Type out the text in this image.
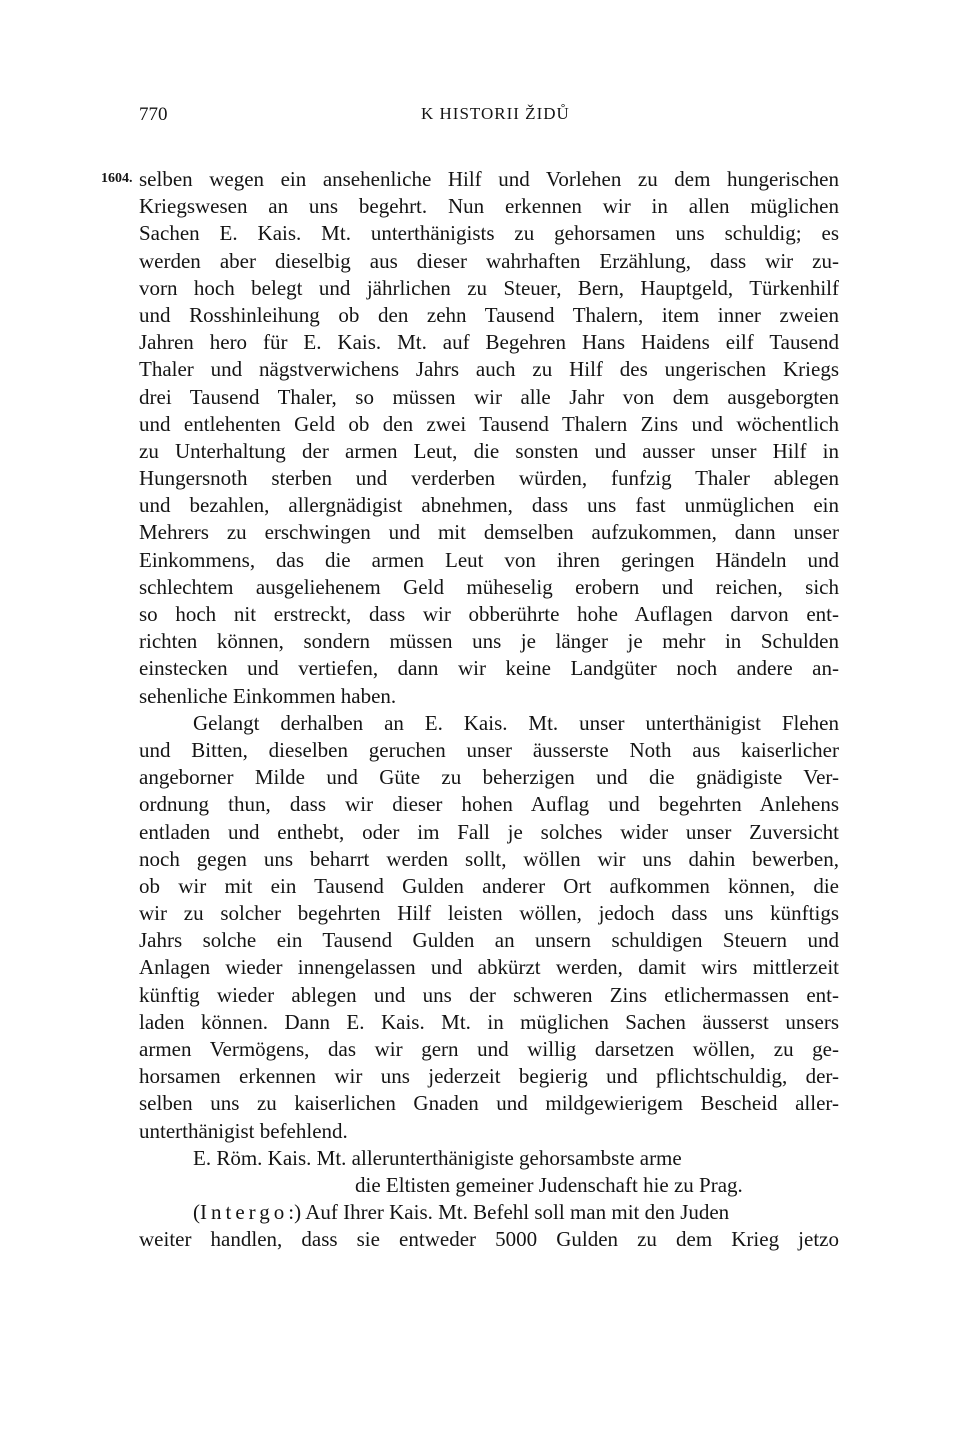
770	K HISTORII ŽIDŮ
1604. selben wegen ein ansehenliche Hilf und Vorlehen zu dem hungerischen
Kriegswesen an uns begehrt. Nun erkennen wir in allen müglichen
Sachen E. Kais. Mt. unterthänigists zu gehorsamen uns schuldig; es
werden aber dieselbig aus dieser wahrhaften Erzählung, dass wir zu-
vorn hoch belegt und jährlichen zu Steuer, Bern, Hauptgeld, Türkenhilf
und Rosshinleihung ob den zehn Tausend Thalern, item inner zweien
Jahren hero für E. Kais. Mt. auf Begehren Hans Haidens eilf Tausend
Thaler und nägstverwichens Jahrs auch zu Hilf des ungerischen Kriegs
drei Tausend Thaler, so müssen wir alle Jahr von dem ausgeborgten
und entlehenten Geld ob den zwei Tausend Thalern Zins und wöchentlich
zu Unterhaltung der armen Leut, die sonsten und ausser unser Hilf in
Hungersnoth sterben und verderben würden, funfzig Thaler ablegen
und bezahlen, allergnädigist abnehmen, dass uns fast unmüglichen ein
Mehrers zu erschwingen und mit demselben aufzukommen, dann unser
Einkommens, das die armen Leut von ihren geringen Händeln und
schlechtem ausgeliehenem Geld müheselig erobern und reichen, sich
so hoch nit erstreckt, dass wir obberührte hohe Auflagen darvon ent-
richten können, sondern müssen uns je länger je mehr in Schulden
einstecken und vertiefen, dann wir keine Landgüter noch andere an-
sehenliche Einkommen haben.
Gelangt derhalben an E. Kais. Mt. unser unterthänigist Flehen
und Bitten, dieselben geruchen unser äusserste Noth aus kaiserlicher
angeborner Milde und Güte zu beherzigen und die gnädigiste Ver-
ordnung thun, dass wir dieser hohen Auflag und begehrten Anlehens
entladen und enthebt, oder im Fall je solches wider unser Zuversicht
noch gegen uns beharrt werden sollt, wöllen wir uns dahin bewerben,
ob wir mit ein Tausend Gulden anderer Ort aufkommen können, die
wir zu solcher begehrten Hilf leisten wöllen, jedoch dass uns künftigs
Jahrs solche ein Tausend Gulden an unsern schuldigen Steuern und
Anlagen wieder innengelassen und abkürzt werden, damit wirs mittlerzeit
künftig wieder ablegen und uns der schweren Zins etlichermassen ent-
laden können. Dann E. Kais. Mt. in müglichen Sachen äusserst unsers
armen Vermögens, das wir gern und willig darsetzen wöllen, zu ge-
horsamen erkennen wir uns jederzeit begierig und pflichtschuldig, der-
selben uns zu kaiserlichen Gnaden und mildgewierigem Bescheid aller-
unterthänigist befehlend.
E. Röm. Kais. Mt. allerunterthänigiste gehorsambste arme
die Eltisten gemeiner Judenschaft hie zu Prag.
(Intergo:) Auf Ihrer Kais. Mt. Befehl soll man mit den Juden
weiter handlen, dass sie entweder 5000 Gulden zu dem Krieg jetzo
